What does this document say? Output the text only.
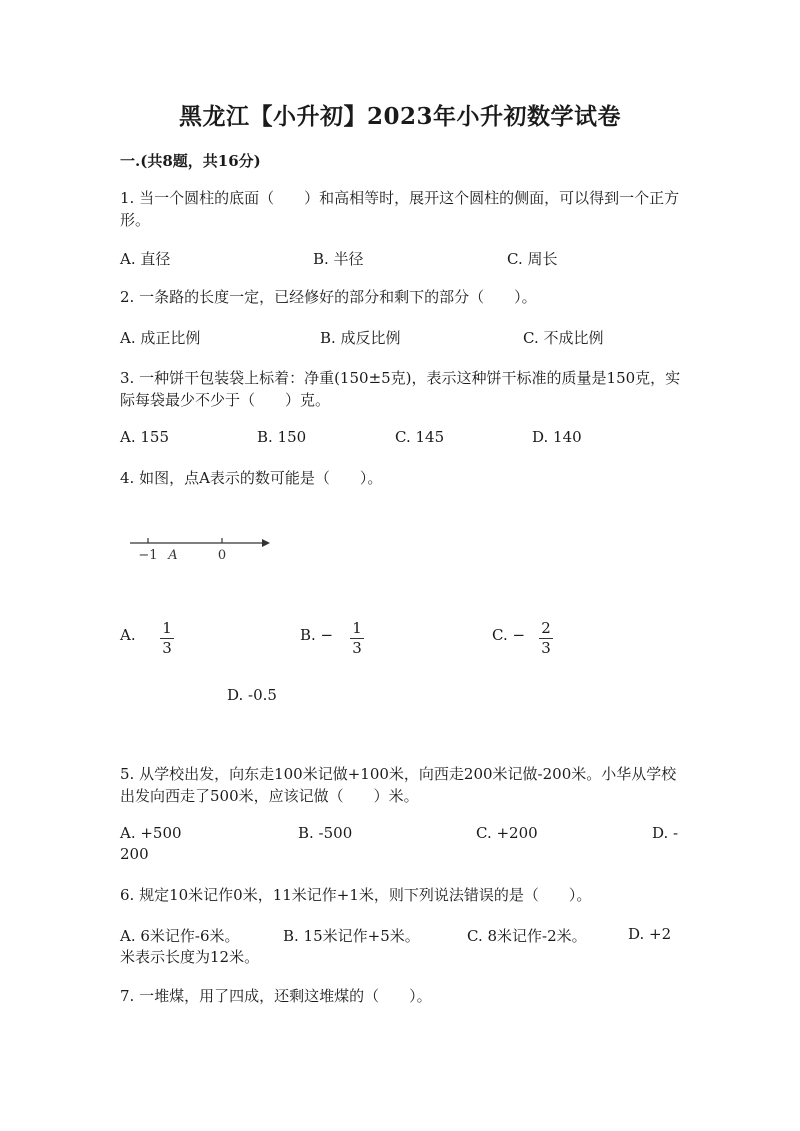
黑龙江【小升初】2023年小升初数学试卷
一.(共8题，共16分)
1. 当一个圆柱的底面（　　）和高相等时，展开这个圆柱的侧面，可以得到一个正方形。
A. 直径	B. 半径	C. 周长
2. 一条路的长度一定，已经修好的部分和剩下的部分（　　）。
A. 成正比例	B. 成反比例	C. 不成比例
3. 一种饼干包装袋上标着：净重(150±5克)，表示这种饼干标准的质量是150克，实际每袋最少不少于（　　）克。
A. 155	B. 150	C. 145	D. 140
4. 如图，点A表示的数可能是（　　）。
−1 A	0
A. 1
3
B. − 1
3
C. − 2
3
D. -0.5
5. 从学校出发，向东走100米记做+100米，向西走200米记做-200米。小华从学校出发向西走了500米，应该记做（　　）米。
A. +500	B. -500	C. +200	D. -
200
6. 规定10米记作0米，11米记作+1米，则下列说法错误的是（　　）。
A. 6米记作-6米。	B. 15米记作+5米。	C. 8米记作-2米。	D. +2
米表示长度为12米。
7. 一堆煤，用了四成，还剩这堆煤的（　　）。
